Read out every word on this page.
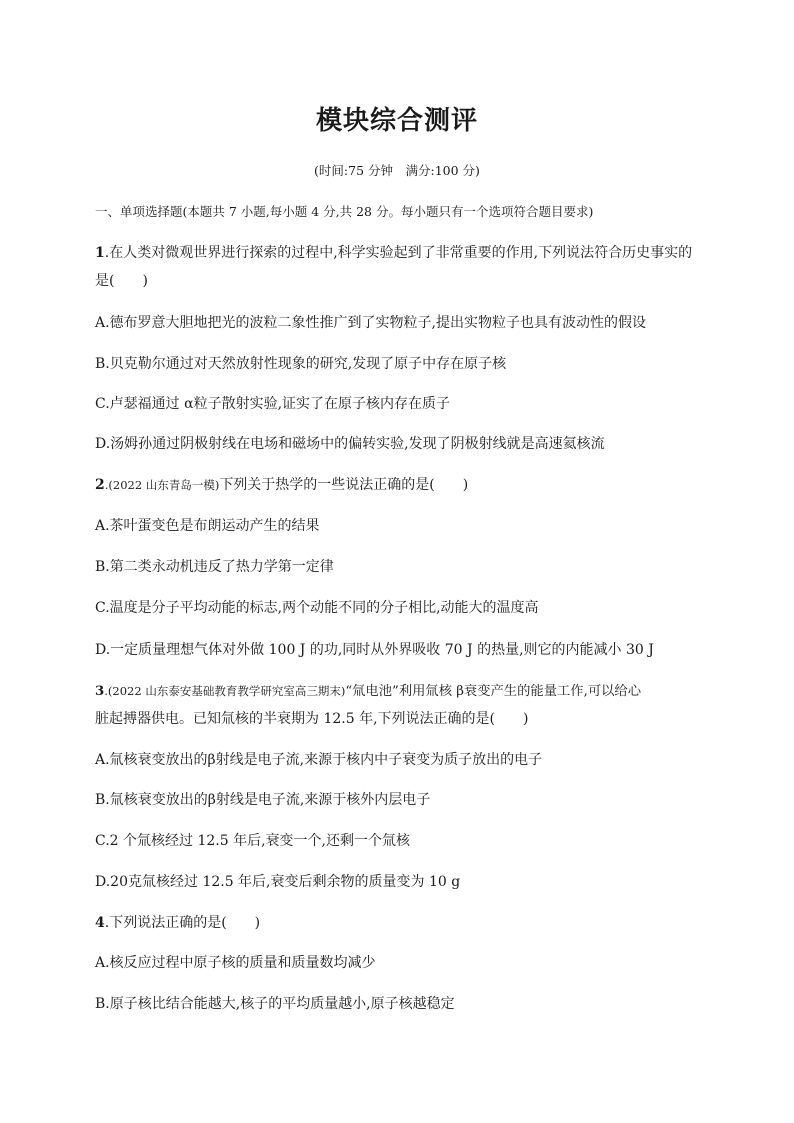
模块综合测评
(时间:75 分钟　满分:100 分)
一、单项选择题(本题共 7 小题,每小题 4 分,共 28 分。每小题只有一个选项符合题目要求)
1.在人类对微观世界进行探索的过程中,科学实验起到了非常重要的作用,下列说法符合历史事实的
是(　　)
A.德布罗意大胆地把光的波粒二象性推广到了实物粒子,提出实物粒子也具有波动性的假设
B.贝克勒尔通过对天然放射性现象的研究,发现了原子中存在原子核
C.卢瑟福通过 α粒子散射实验,证实了在原子核内存在质子
D.汤姆孙通过阴极射线在电场和磁场中的偏转实验,发现了阴极射线就是高速氦核流
2.(2022 山东青岛一模)下列关于热学的一些说法正确的是(　　)
A.茶叶蛋变色是布朗运动产生的结果
B.第二类永动机违反了热力学第一定律
C.温度是分子平均动能的标志,两个动能不同的分子相比,动能大的温度高
D.一定质量理想气体对外做 100 J 的功,同时从外界吸收 70 J 的热量,则它的内能减小 30 J
3.(2022 山东泰安基础教育教学研究室高三期末)“氚电池”利用氚核 β衰变产生的能量工作,可以给心
脏起搏器供电。已知氚核的半衰期为 12.5 年,下列说法正确的是(　　)
A.氚核衰变放出的β射线是电子流,来源于核内中子衰变为质子放出的电子
B.氚核衰变放出的β射线是电子流,来源于核外内层电子
C.2 个氚核经过 12.5 年后,衰变一个,还剩一个氚核
D.20克氚核经过 12.5 年后,衰变后剩余物的质量变为 10 g
4.下列说法正确的是(　　)
A.核反应过程中原子核的质量和质量数均减少
B.原子核比结合能越大,核子的平均质量越小,原子核越稳定
